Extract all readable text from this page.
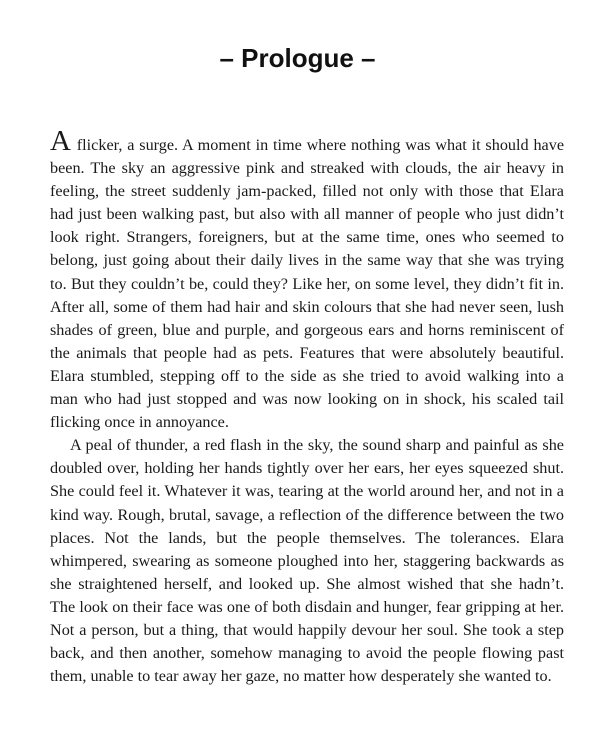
– Prologue –

A flicker, a surge. A moment in time where nothing was what it should have been. The sky an aggressive pink and streaked with clouds, the air heavy in feeling, the street suddenly jam-packed, filled not only with those that Elara had just been walking past, but also with all manner of people who just didn’t look right. Strangers, foreigners, but at the same time, ones who seemed to belong, just going about their daily lives in the same way that she was trying to. But they couldn’t be, could they? Like her, on some level, they didn’t fit in. After all, some of them had hair and skin colours that she had never seen, lush shades of green, blue and purple, and gorgeous ears and horns reminiscent of the animals that people had as pets. Features that were absolutely beautiful. Elara stumbled, stepping off to the side as she tried to avoid walking into a man who had just stopped and was now looking on in shock, his scaled tail flicking once in annoyance.

A peal of thunder, a red flash in the sky, the sound sharp and painful as she doubled over, holding her hands tightly over her ears, her eyes squeezed shut. She could feel it. Whatever it was, tearing at the world around her, and not in a kind way. Rough, brutal, savage, a reflection of the difference between the two places. Not the lands, but the people themselves. The tolerances. Elara whimpered, swearing as someone ploughed into her, staggering backwards as she straightened herself, and looked up. She almost wished that she hadn’t. The look on their face was one of both disdain and hunger, fear gripping at her. Not a person, but a thing, that would happily devour her soul. She took a step back, and then another, somehow managing to avoid the people flowing past them, unable to tear away her gaze, no matter how desperately she wanted to.
